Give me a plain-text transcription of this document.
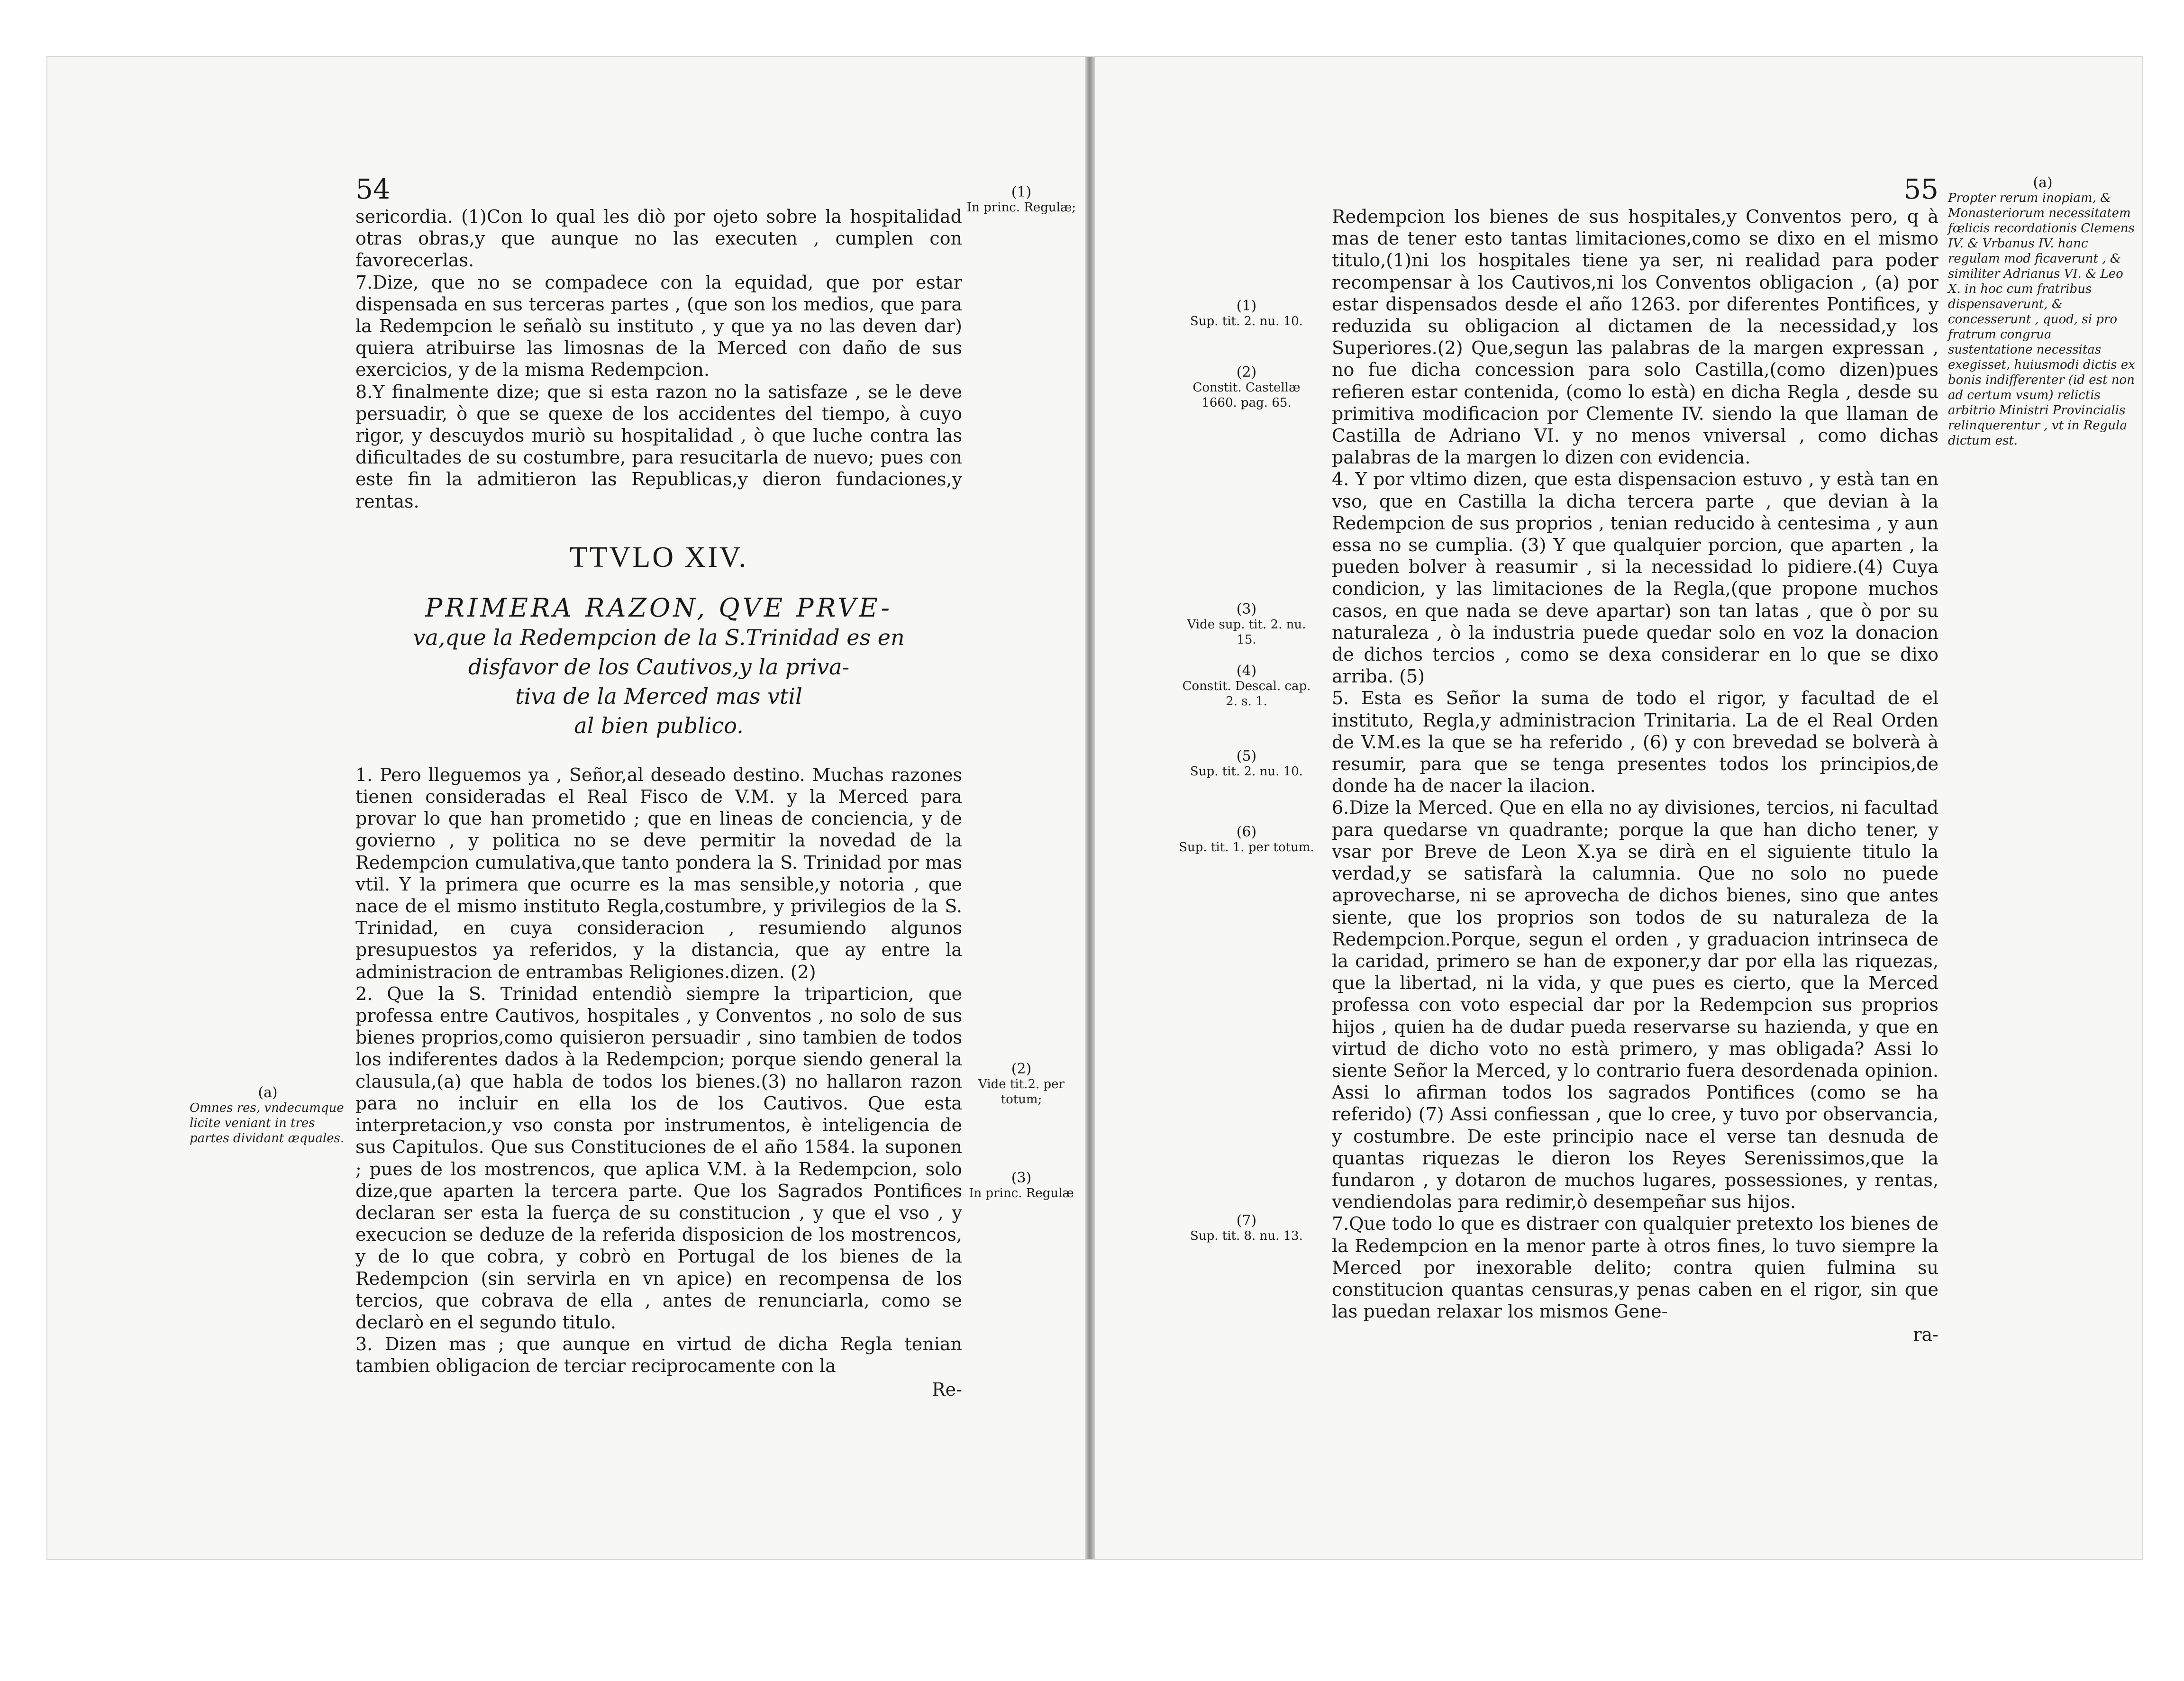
54

sericordia. (1)Con lo qual les diò por ojeto sobre la hospitalidad otras obras,y que aunque no las executen , cumplen con favorecerlas.

7.Dize, que no se compadece con la equidad, que por estar dispensada en sus terceras partes , (que son los medios, que para la Redempcion le señalò su instituto , y que ya no las deven dar) quiera atribuirse las limosnas de la Merced con daño de sus exercicios, y de la misma Redempcion.

8.Y finalmente dize; que si esta razon no la satisfaze , se le deve persuadir, ò que se quexe de los accidentes del tiempo, à cuyo rigor, y descuydos muriò su hospitalidad , ò que luche contra las dificultades de su costumbre, para resucitarla de nuevo; pues con este fin la admitieron las Republicas,y dieron fundaciones,y rentas.

TTVLO XIV.
PRIMERA RAZON, QVE PRVE-
va,que la Redempcion de la S.Trinidad es en
disfavor de los Cautivos,y la priva-
tiva de la Merced mas vtil
al bien publico.

1. Pero lleguemos ya , Señor,al deseado destino. Muchas razones tienen consideradas el Real Fisco de V.M. y la Merced para provar lo que han prometido ; que en lineas de conciencia, y de govierno , y politica no se deve permitir la novedad de la Redempcion cumulativa,que tanto pondera la S. Trinidad por mas vtil. Y la primera que ocurre es la mas sensible,y notoria , que nace de el mismo instituto Regla,costumbre, y privilegios de la S. Trinidad, en cuya consideracion , resumiendo algunos presupuestos ya referidos, y la distancia, que ay entre la administracion de entrambas Religiones.dizen. (2)

2. Que la S. Trinidad entendiò siempre la triparticion, que professa entre Cautivos, hospitales , y Conventos , no solo de sus bienes proprios,como quisieron persuadir , sino tambien de todos los indiferentes dados à la Redempcion; porque siendo general la clausula,(a) que habla de todos los bienes.(3) no hallaron razon para no incluir en ella los de los Cautivos. Que esta interpretacion,y vso consta por instrumentos, è inteligencia de sus Capitulos. Que sus Constituciones de el año 1584. la suponen ; pues de los mostrencos, que aplica V.M. à la Redempcion, solo dize,que aparten la tercera parte. Que los Sagrados Pontifices declaran ser esta la fuerça de su constitucion , y que el vso , y execucion se deduze de la referida disposicion de los mostrencos, y de lo que cobra, y cobrò en Portugal de los bienes de la Redempcion (sin servirla en vn apice) en recompensa de los tercios, que cobrava de ella , antes de renunciarla, como se declarò en el segundo titulo.

3. Dizen mas ; que aunque en virtud de dicha Regla tenian tambien obligacion de terciar reciprocamente con la

Re-
(1)
In princ. Regulæ;
(2)
Vide tit.2. per totum;
(3)
In princ. Regulæ
(a)
Omnes res, vndecumque licite veniant in tres partes dividant æquales.
55

Redempcion los bienes de sus hospitales,y Conventos pero, q à mas de tener esto tantas limitaciones,como se dixo en el mismo titulo,(1)ni los hospitales tiene ya ser, ni realidad para poder recompensar à los Cautivos,ni los Conventos obligacion , (a) por estar dispensados desde el año 1263. por diferentes Pontifices, y reduzida su obligacion al dictamen de la necessidad,y los Superiores.(2) Que,segun las palabras de la margen expressan , no fue dicha concession para solo Castilla,(como dizen)pues refieren estar contenida, (como lo està) en dicha Regla , desde su primitiva modificacion por Clemente IV. siendo la que llaman de Castilla de Adriano VI. y no menos vniversal , como dichas palabras de la margen lo dizen con evidencia.

4. Y por vltimo dizen, que esta dispensacion estuvo , y està tan en vso, que en Castilla la dicha tercera parte , que devian à la Redempcion de sus proprios , tenian reducido à centesima , y aun essa no se cumplia. (3) Y que qualquier porcion, que aparten , la pueden bolver à reasumir , si la necessidad lo pidiere.(4) Cuya condicion, y las limitaciones de la Regla,(que propone muchos casos, en que nada se deve apartar) son tan latas , que ò por su naturaleza , ò la industria puede quedar solo en voz la donacion de dichos tercios , como se dexa considerar en lo que se dixo arriba. (5)

5. Esta es Señor la suma de todo el rigor, y facultad de el instituto, Regla,y administracion Trinitaria. La de el Real Orden de V.M.es la que se ha referido , (6) y con brevedad se bolverà à resumir, para que se tenga presentes todos los principios,de donde ha de nacer la ilacion.

6.Dize la Merced. Que en ella no ay divisiones, tercios, ni facultad para quedarse vn quadrante; porque la que han dicho tener, y vsar por Breve de Leon X.ya se dirà en el siguiente titulo la verdad,y se satisfarà la calumnia. Que no solo no puede aprovecharse, ni se aprovecha de dichos bienes, sino que antes siente, que los proprios son todos de su naturaleza de la Redempcion.Porque, segun el orden , y graduacion intrinseca de la caridad, primero se han de exponer,y dar por ella las riquezas, que la libertad, ni la vida, y que pues es cierto, que la Merced professa con voto especial dar por la Redempcion sus proprios hijos , quien ha de dudar pueda reservarse su hazienda, y que en virtud de dicho voto no està primero, y mas obligada? Assi lo siente Señor la Merced, y lo contrario fuera desordenada opinion. Assi lo afirman todos los sagrados Pontifices (como se ha referido) (7) Assi confiessan , que lo cree, y tuvo por observancia, y costumbre. De este principio nace el verse tan desnuda de quantas riquezas le dieron los Reyes Serenissimos,que la fundaron , y dotaron de muchos lugares, possessiones, y rentas, vendiendolas para redimir,ò desempeñar sus hijos.

7.Que todo lo que es distraer con qualquier pretexto los bienes de la Redempcion en la menor parte à otros fines, lo tuvo siempre la Merced por inexorable delito; contra quien fulmina su constitucion quantas censuras,y penas caben en el rigor, sin que las puedan relaxar los mismos Gene-

ra-
(1)
Sup. tit. 2. nu. 10.
(2)
Constit. Castellæ 1660. pag. 65.
(3)
Vide sup. tit. 2. nu. 15.
(4)
Constit. Descal. cap. 2. s. 1.
(5)
Sup. tit. 2. nu. 10.
(6)
Sup. tit. 1. per totum.
(7)
Sup. tit. 8. nu. 13.
(a)
Propter rerum inopiam, & Monasteriorum necessitatem fœlicis recordationis Clemens IV. & Vrbanus IV. hanc regulam mod ficaverunt , & similiter Adrianus VI. & Leo X. in hoc cum fratribus dispensaverunt, & concesserunt , quod, si pro fratrum congrua sustentatione necessitas exegisset, huiusmodi dictis ex bonis indifferenter (id est non ad certum vsum) relictis arbitrio Ministri Provincialis relinquerentur , vt in Regula dictum est.
